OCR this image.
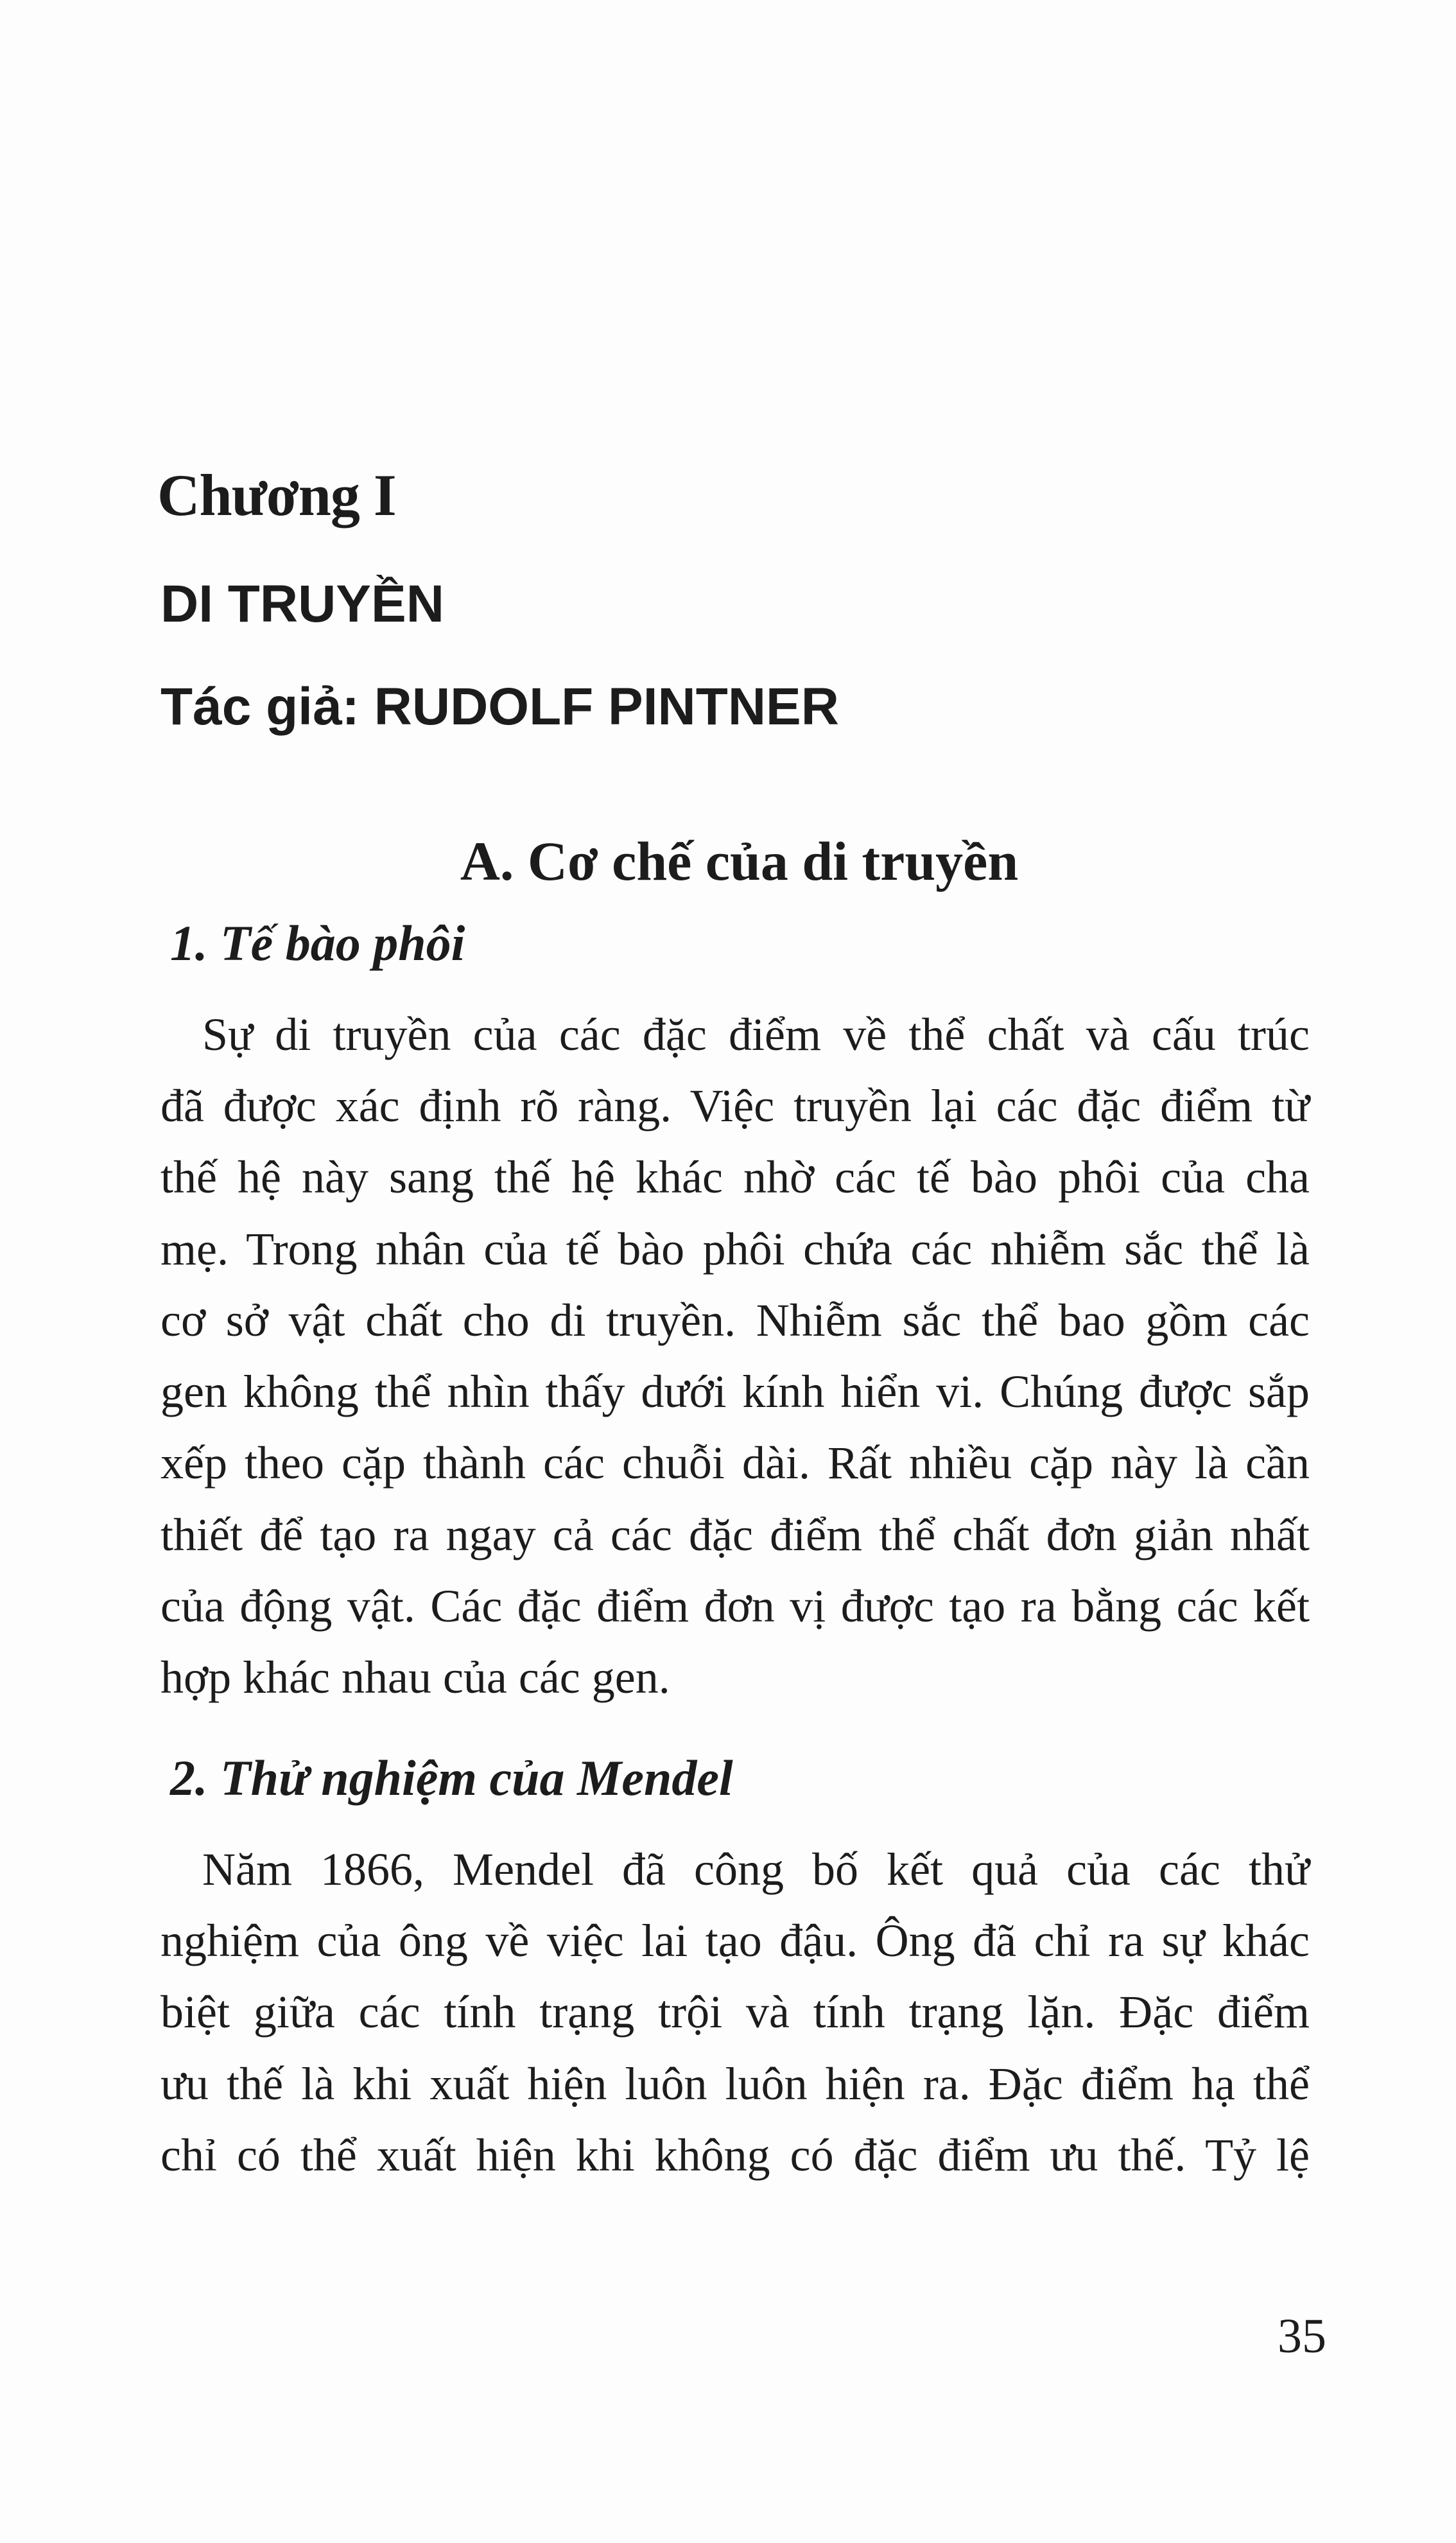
Chương I
DI TRUYỀN
Tác giả: RUDOLF PINTNER
A. Cơ chế của di truyền
1. Tế bào phôi
Sự di truyền của các đặc điểm về thể chất và cấu trúc
đã được xác định rõ ràng. Việc truyền lại các đặc điểm từ
thế hệ này sang thế hệ khác nhờ các tế bào phôi của cha
mẹ. Trong nhân của tế bào phôi chứa các nhiễm sắc thể là
cơ sở vật chất cho di truyền. Nhiễm sắc thể bao gồm các
gen không thể nhìn thấy dưới kính hiển vi. Chúng được sắp
xếp theo cặp thành các chuỗi dài. Rất nhiều cặp này là cần
thiết để tạo ra ngay cả các đặc điểm thể chất đơn giản nhất
của động vật. Các đặc điểm đơn vị được tạo ra bằng các kết
hợp khác nhau của các gen.
2. Thử nghiệm của Mendel
Năm 1866, Mendel đã công bố kết quả của các thử
nghiệm của ông về việc lai tạo đậu. Ông đã chỉ ra sự khác
biệt giữa các tính trạng trội và tính trạng lặn. Đặc điểm
ưu thế là khi xuất hiện luôn luôn hiện ra. Đặc điểm hạ thể
chỉ có thể xuất hiện khi không có đặc điểm ưu thế. Tỷ lệ
35
